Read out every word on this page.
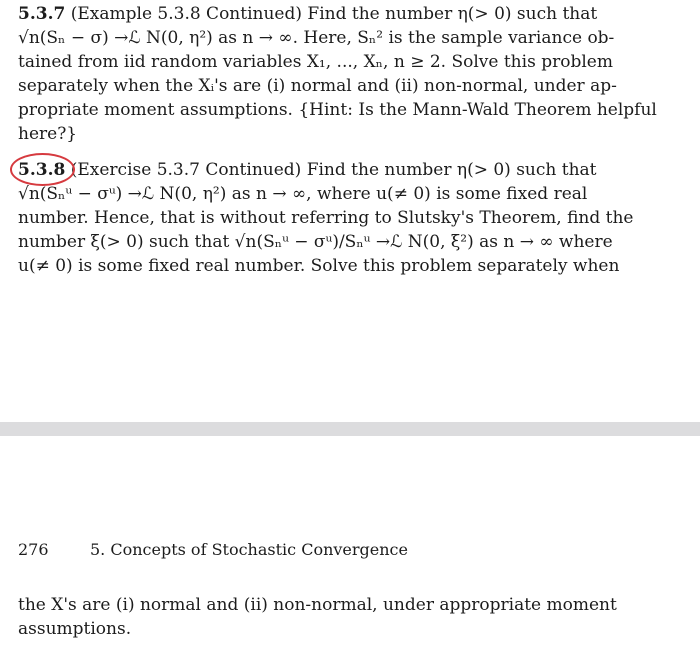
5.3.7 (Example 5.3.8 Continued) Find the number η(> 0) such that
√n(Sₙ − σ) →ℒ N(0, η²) as n → ∞. Here, Sₙ² is the sample variance ob-
tained from iid random variables X₁, ..., Xₙ, n ≥ 2. Solve this problem
separately when the Xᵢ's are (i) normal and (ii) non-normal, under ap-
propriate moment assumptions. {Hint: Is the Mann-Wald Theorem helpful
here?}
5.3.8 (Exercise 5.3.7 Continued) Find the number η(> 0) such that
√n(Sₙᵘ − σᵘ) →ℒ N(0, η²) as n → ∞, where u(≠ 0) is some fixed real
number. Hence, that is without referring to Slutsky's Theorem, find the
number ξ(> 0) such that √n(Sₙᵘ − σᵘ)/Sₙᵘ →ℒ N(0, ξ²) as n → ∞ where
u(≠ 0) is some fixed real number. Solve this problem separately when
276	5. Concepts of Stochastic Convergence
the X's are (i) normal and (ii) non-normal, under appropriate moment
assumptions.
